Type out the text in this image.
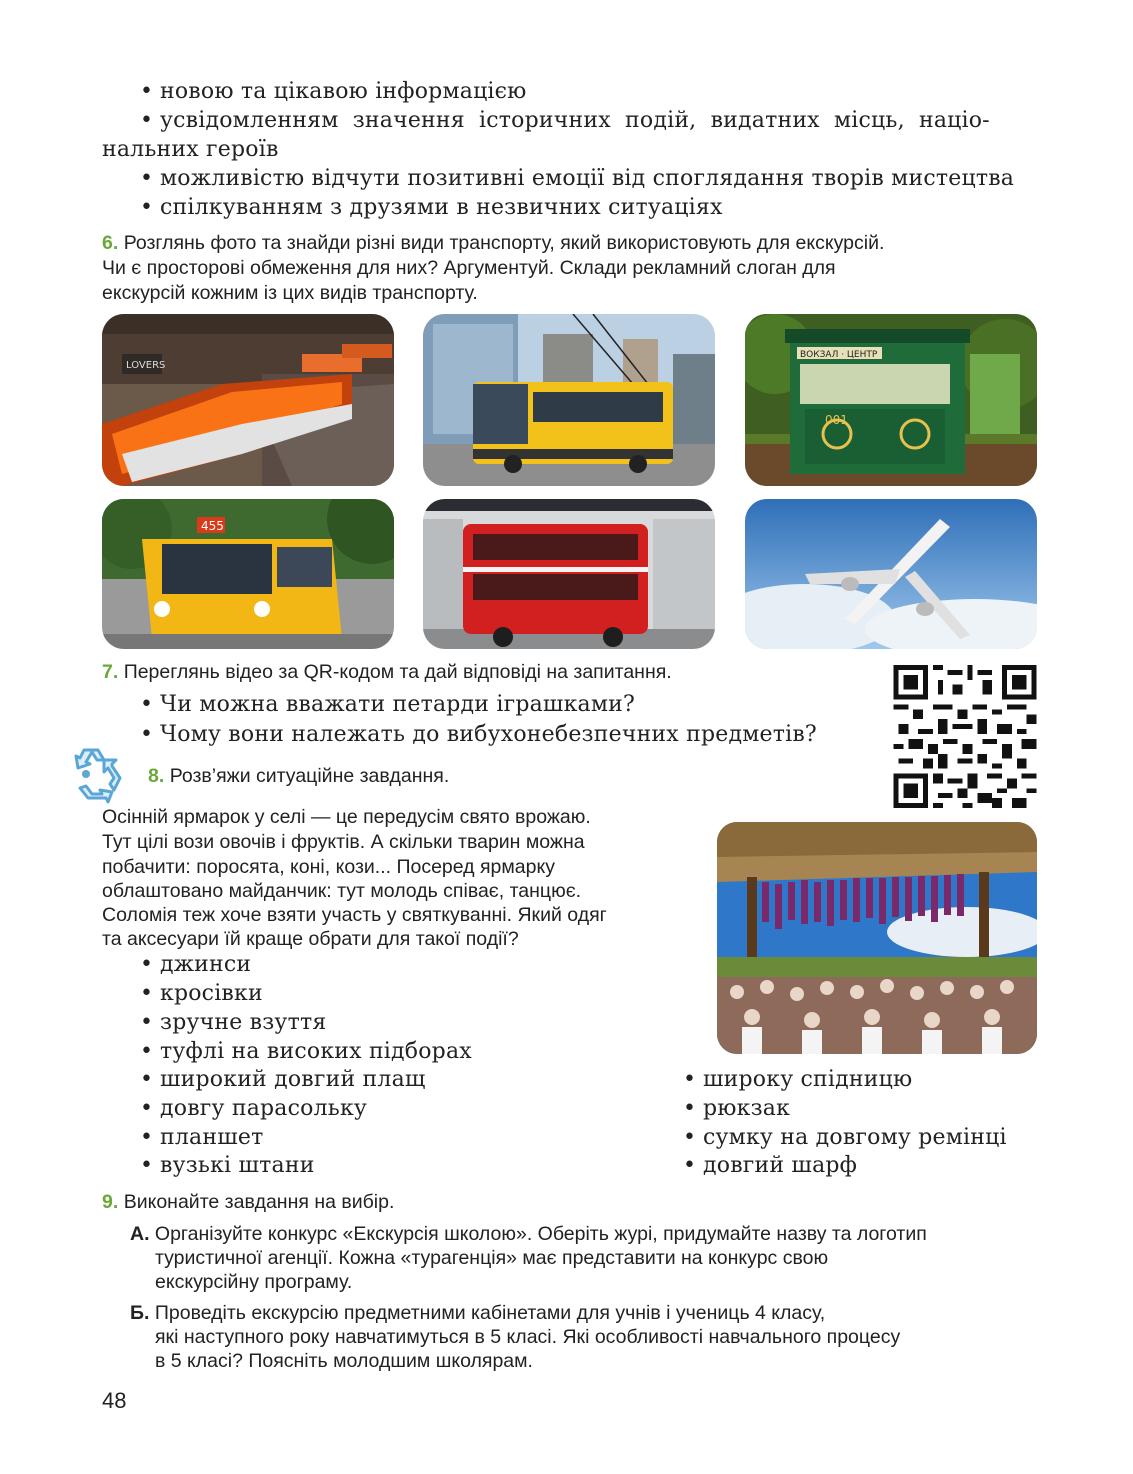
• новою та цікавою інформацією
• усвідомленням значення історичних подій, видатних місць, націо-
нальних героїв
• можливістю відчути позитивні емоції від споглядання творів мистецтва
• спілкуванням з друзями в незвичних ситуаціях
6. Розглянь фото та знайди різні види транспорту, який використовують для екскурсій.
Чи є просторові обмеження для них? Аргументуй. Склади рекламний слоган для
екскурсій кожним із цих видів транспорту.
LOVERS
ВОКЗАЛ · ЦЕНТР
001
455
7. Переглянь відео за QR-кодом та дай відповіді на запитання.
• Чи можна вважати петарди іграшками?
• Чому вони належать до вибухонебезпечних предметів?
8. Розв’яжи ситуаційне завдання.
Осінній ярмарок у селі — це передусім свято врожаю.
Тут цілі вози овочів і фруктів. А скільки тварин можна
побачити: поросята, коні, кози... Посеред ярмарку
облаштовано майданчик: тут молодь співає, танцює.
Соломія теж хоче взяти участь у святкуванні. Який одяг
та аксесуари їй краще обрати для такої події?
• джинси
• кросівки
• зручне взуття
• туфлі на високих підборах
• широкий довгий плащ
• довгу парасольку
• планшет
• вузькі штани
• широку спідницю
• рюкзак
• сумку на довгому ремінці
• довгий шарф
9. Виконайте завдання на вибір.
А. Організуйте конкурс «Екскурсія школою». Оберіть журі, придумайте назву та логотип
туристичної агенції. Кожна «турагенція» має представити на конкурс свою
екскурсійну програму.
Б. Проведіть екскурсію предметними кабінетами для учнів і учениць 4 класу,
які наступного року навчатимуться в 5 класі. Які особливості навчального процесу
в 5 класі? Поясніть молодшим школярам.
48
